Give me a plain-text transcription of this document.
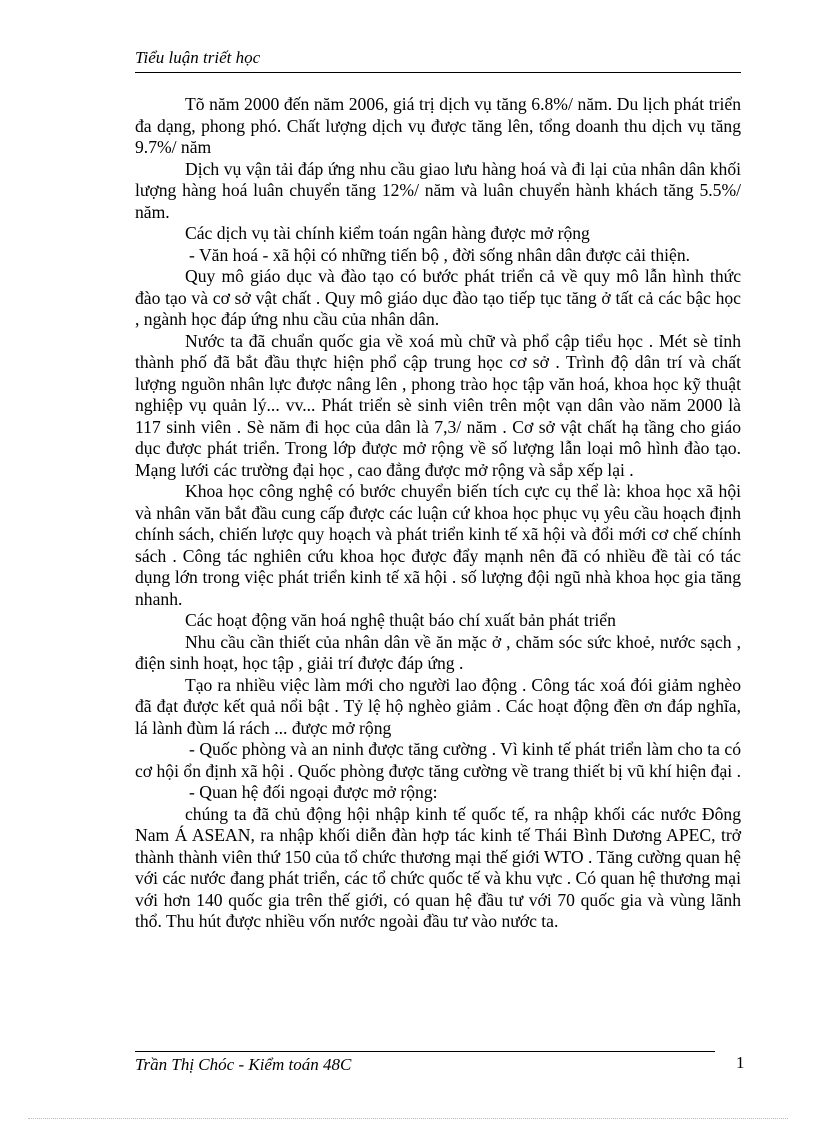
Tiểu luận triết học

Tõ năm 2000 đến năm 2006, giá trị dịch vụ tăng 6.8%/ năm. Du lịch phát triển đa dạng, phong phó. Chất lượng dịch vụ được tăng lên, tổng doanh thu dịch vụ tăng 9.7%/ năm

Dịch vụ vận tải đáp ứng nhu cầu giao lưu hàng hoá và đi lại của nhân dân khối lượng hàng hoá luân chuyển tăng 12%/ năm và luân chuyển hành khách tăng 5.5%/ năm.

Các dịch vụ tài chính kiểm toán ngân hàng được mở rộng

- Văn hoá - xã hội có những tiến bộ , đời sống nhân dân được cải thiện.

Quy mô giáo dục và đào tạo có bước phát triển cả về quy mô lẫn hình thức đào tạo và cơ sở vật chất . Quy mô giáo dục đào tạo tiếp tục tăng ở tất cả các bậc học , ngành học đáp ứng nhu cầu của nhân dân.

Nước ta đã chuẩn quốc gia về xoá mù chữ và phổ cập tiểu học . Mét sè tỉnh thành phố đã bắt đầu thực hiện phổ cập trung học cơ sở . Trình độ dân trí và chất lượng nguồn nhân lực được nâng lên , phong trào học tập văn hoá, khoa học kỹ thuật nghiệp vụ quản lý... vv... Phát triển sè sinh viên trên một vạn dân vào năm 2000 là 117 sinh viên . Sè năm đi học của dân là 7,3/ năm . Cơ sở vật chất hạ tầng cho giáo dục được phát triển. Trong lớp được mở rộng về số lượng lẫn loại mô hình đào tạo. Mạng lưới các trường đại học , cao đẳng được mở rộng và sắp xếp lại .

Khoa học công nghệ có bước chuyển biến tích cực cụ thể là: khoa học xã hội và nhân văn bắt đầu cung cấp được các luận cứ khoa học phục vụ yêu cầu hoạch định chính sách, chiến lược quy hoạch và phát triển kinh tế xã hội và đổi mới cơ chế chính sách . Công tác nghiên cứu khoa học được đẩy mạnh nên đã có nhiều đề tài có tác dụng lớn trong việc phát triển kinh tế xã hội . số lượng đội ngũ nhà khoa học gia tăng nhanh.

Các hoạt động văn hoá nghệ thuật báo chí xuất bản phát triển

Nhu cầu cần thiết của nhân dân về ăn mặc ở , chăm sóc sức khoẻ, nước sạch , điện sinh hoạt, học tập , giải trí được đáp ứng .

Tạo ra nhiều việc làm mới cho người lao động . Công tác xoá đói giảm nghèo đã đạt được kết quả nổi bật . Tỷ lệ hộ nghèo giảm . Các hoạt động đền ơn đáp nghĩa, lá lành đùm lá rách ... được mở rộng

- Quốc phòng và an ninh được tăng cường . Vì kinh tế phát triển làm cho ta có cơ hội ổn định xã hội . Quốc phòng được tăng cường về trang thiết bị vũ khí hiện đại .

- Quan hệ đối ngoại được mở rộng:

chúng ta đã chủ động hội nhập kinh tế quốc tế, ra nhập khối các nước Đông Nam Á ASEAN, ra nhập khối diễn đàn hợp tác kinh tế Thái Bình Dương APEC, trở thành thành viên thứ 150 của tổ chức thương mại thế giới WTO . Tăng cường quan hệ với các nước đang phát triển, các tổ chức quốc tế và khu vực . Có quan hệ thương mại với hơn 140 quốc gia trên thế giới, có quan hệ đầu tư với 70 quốc gia và vùng lãnh thổ. Thu hút được nhiều vốn nước ngoài đầu tư vào nước ta.

Trần Thị Chóc - Kiểm toán 48C	1
